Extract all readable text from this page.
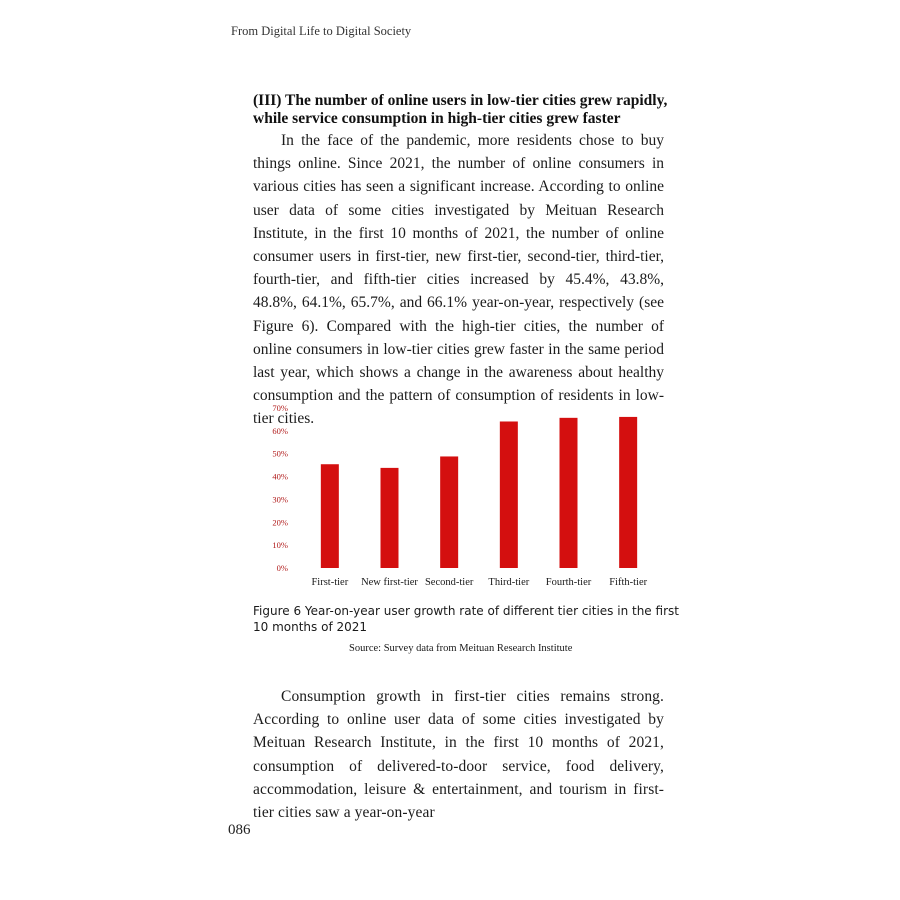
From Digital Life to Digital Society
(III) The number of online users in low-tier cities grew rapidly, while service consumption in high-tier cities grew faster

In the face of the pandemic, more residents chose to buy things online. Since 2021, the number of online consumers in various cities has seen a significant increase. According to online user data of some cities investigated by Meituan Research Institute, in the first 10 months of 2021, the number of online consumer users in first-tier, new first-tier, second-tier, third-tier, fourth-tier, and fifth-tier cities increased by 45.4%, 43.8%, 48.8%, 64.1%, 65.7%, and 66.1% year-on-year, respectively (see Figure 6). Compared with the high-tier cities, the number of online consumers in low-tier cities grew faster in the same period last year, which shows a change in the awareness about healthy consumption and the pattern of consumption of residents in low-tier cities.

0%
10%
20%
30%
40%
50%
60%
70%
First-tier New first-tier Second-tier Third-tier Fourth-tier Fifth-tier
Figure 6 Year-on-year user growth rate of different tier cities in the first 10 months of 2021
Source: Survey data from Meituan Research Institute

Consumption growth in first-tier cities remains strong. According to online user data of some cities investigated by Meituan Research Institute, in the first 10 months of 2021, consumption of delivered-to-door service, food delivery, accommodation, leisure & entertainment, and tourism in first-tier cities saw a year-on-year

086
